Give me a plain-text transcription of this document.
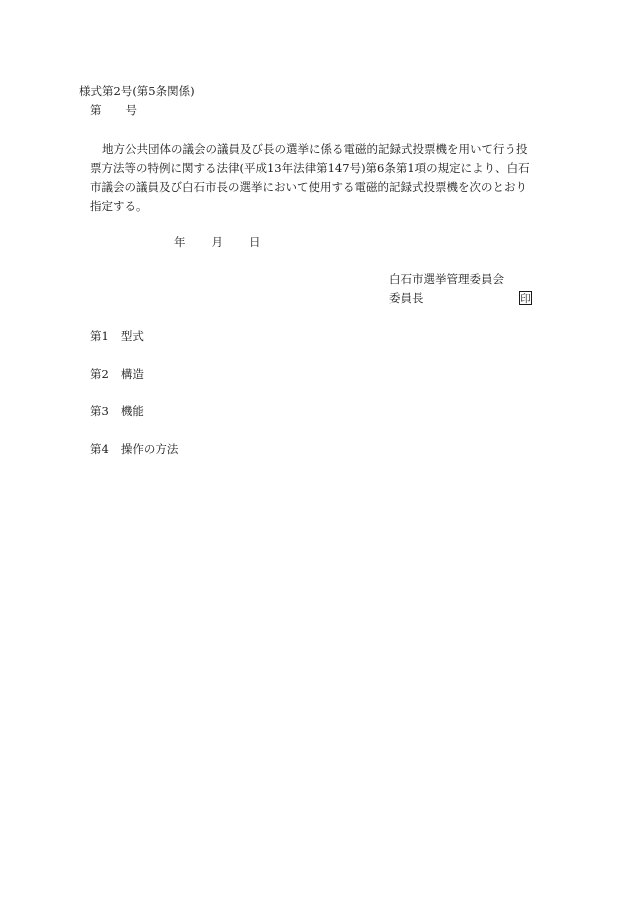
様式第2号(第5条関係)
第 号
地方公共団体の議会の議員及び長の選挙に係る電磁的記録式投票機を用いて行う投票方法等の特例に関する法律(平成13年法律第147号)第6条第1項の規定により、白石市議会の議員及び白石市長の選挙において使用する電磁的記録式投票機を次のとおり指定する。
年 月 日
白石市選挙管理委員会
委員長	印
第1 型式
第2 構造
第3 機能
第4 操作の方法
